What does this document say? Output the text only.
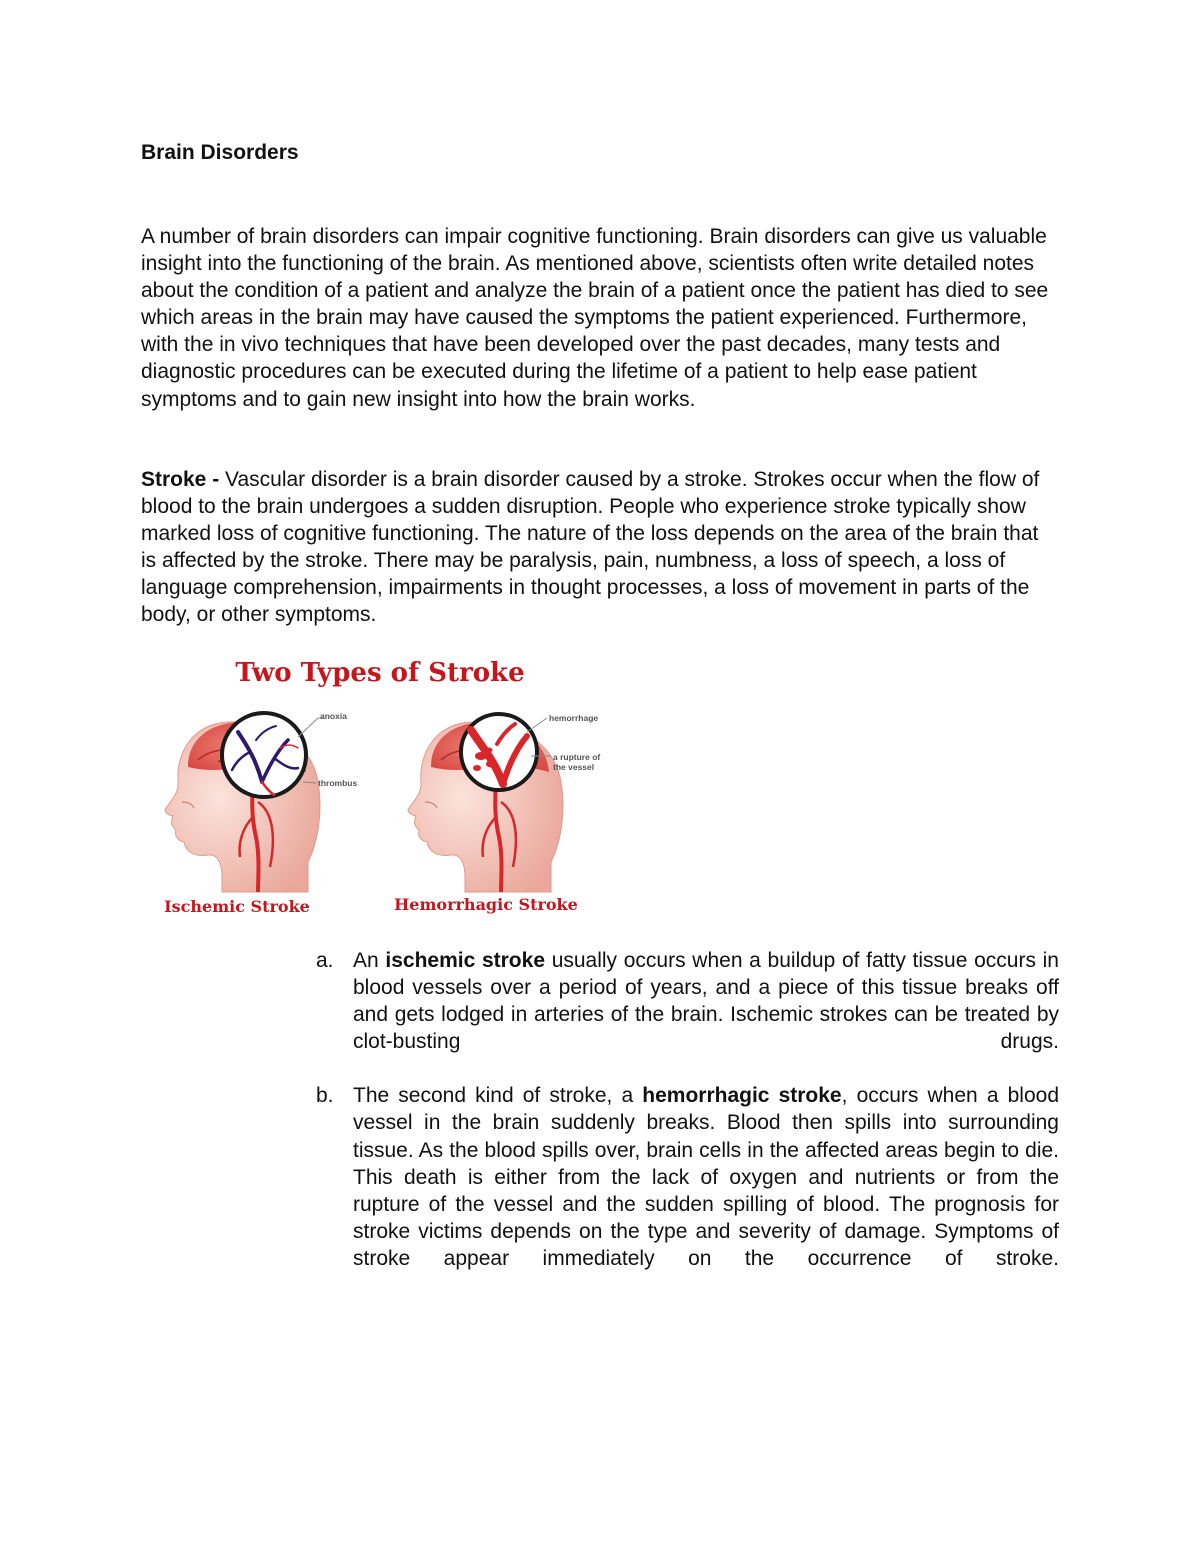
Brain Disorders

A number of brain disorders can impair cognitive functioning. Brain disorders can give us valuable insight into the functioning of the brain. As mentioned above, scientists often write detailed notes about the condition of a patient and analyze the brain of a patient once the patient has died to see which areas in the brain may have caused the symptoms the patient experienced. Furthermore, with the in vivo techniques that have been developed over the past decades, many tests and diagnostic procedures can be executed during the lifetime of a patient to help ease patient symptoms and to gain new insight into how the brain works.

Stroke - Vascular disorder is a brain disorder caused by a stroke. Strokes occur when the flow of blood to the brain undergoes a sudden disruption. People who experience stroke typically show marked loss of cognitive functioning. The nature of the loss depends on the area of the brain that is affected by the stroke. There may be paralysis, pain, numbness, a loss of speech, a loss of language comprehension, impairments in thought processes, a loss of movement in parts of the body, or other symptoms.

Two Types of Stroke
anoxia
thrombus
Ischemic Stroke
hemorrhage
a rupture of
the vessel
Hemorrhagic Stroke
a. An ischemic stroke usually occurs when a buildup of fatty tissue occurs in blood vessels over a period of years, and a piece of this tissue breaks off and gets lodged in arteries of the brain. Ischemic strokes can be treated by clot-busting drugs.
b. The second kind of stroke, a hemorrhagic stroke, occurs when a blood vessel in the brain suddenly breaks. Blood then spills into surrounding tissue. As the blood spills over, brain cells in the affected areas begin to die. This death is either from the lack of oxygen and nutrients or from the rupture of the vessel and the sudden spilling of blood. The prognosis for stroke victims depends on the type and severity of damage. Symptoms of stroke appear immediately on the occurrence of stroke.
